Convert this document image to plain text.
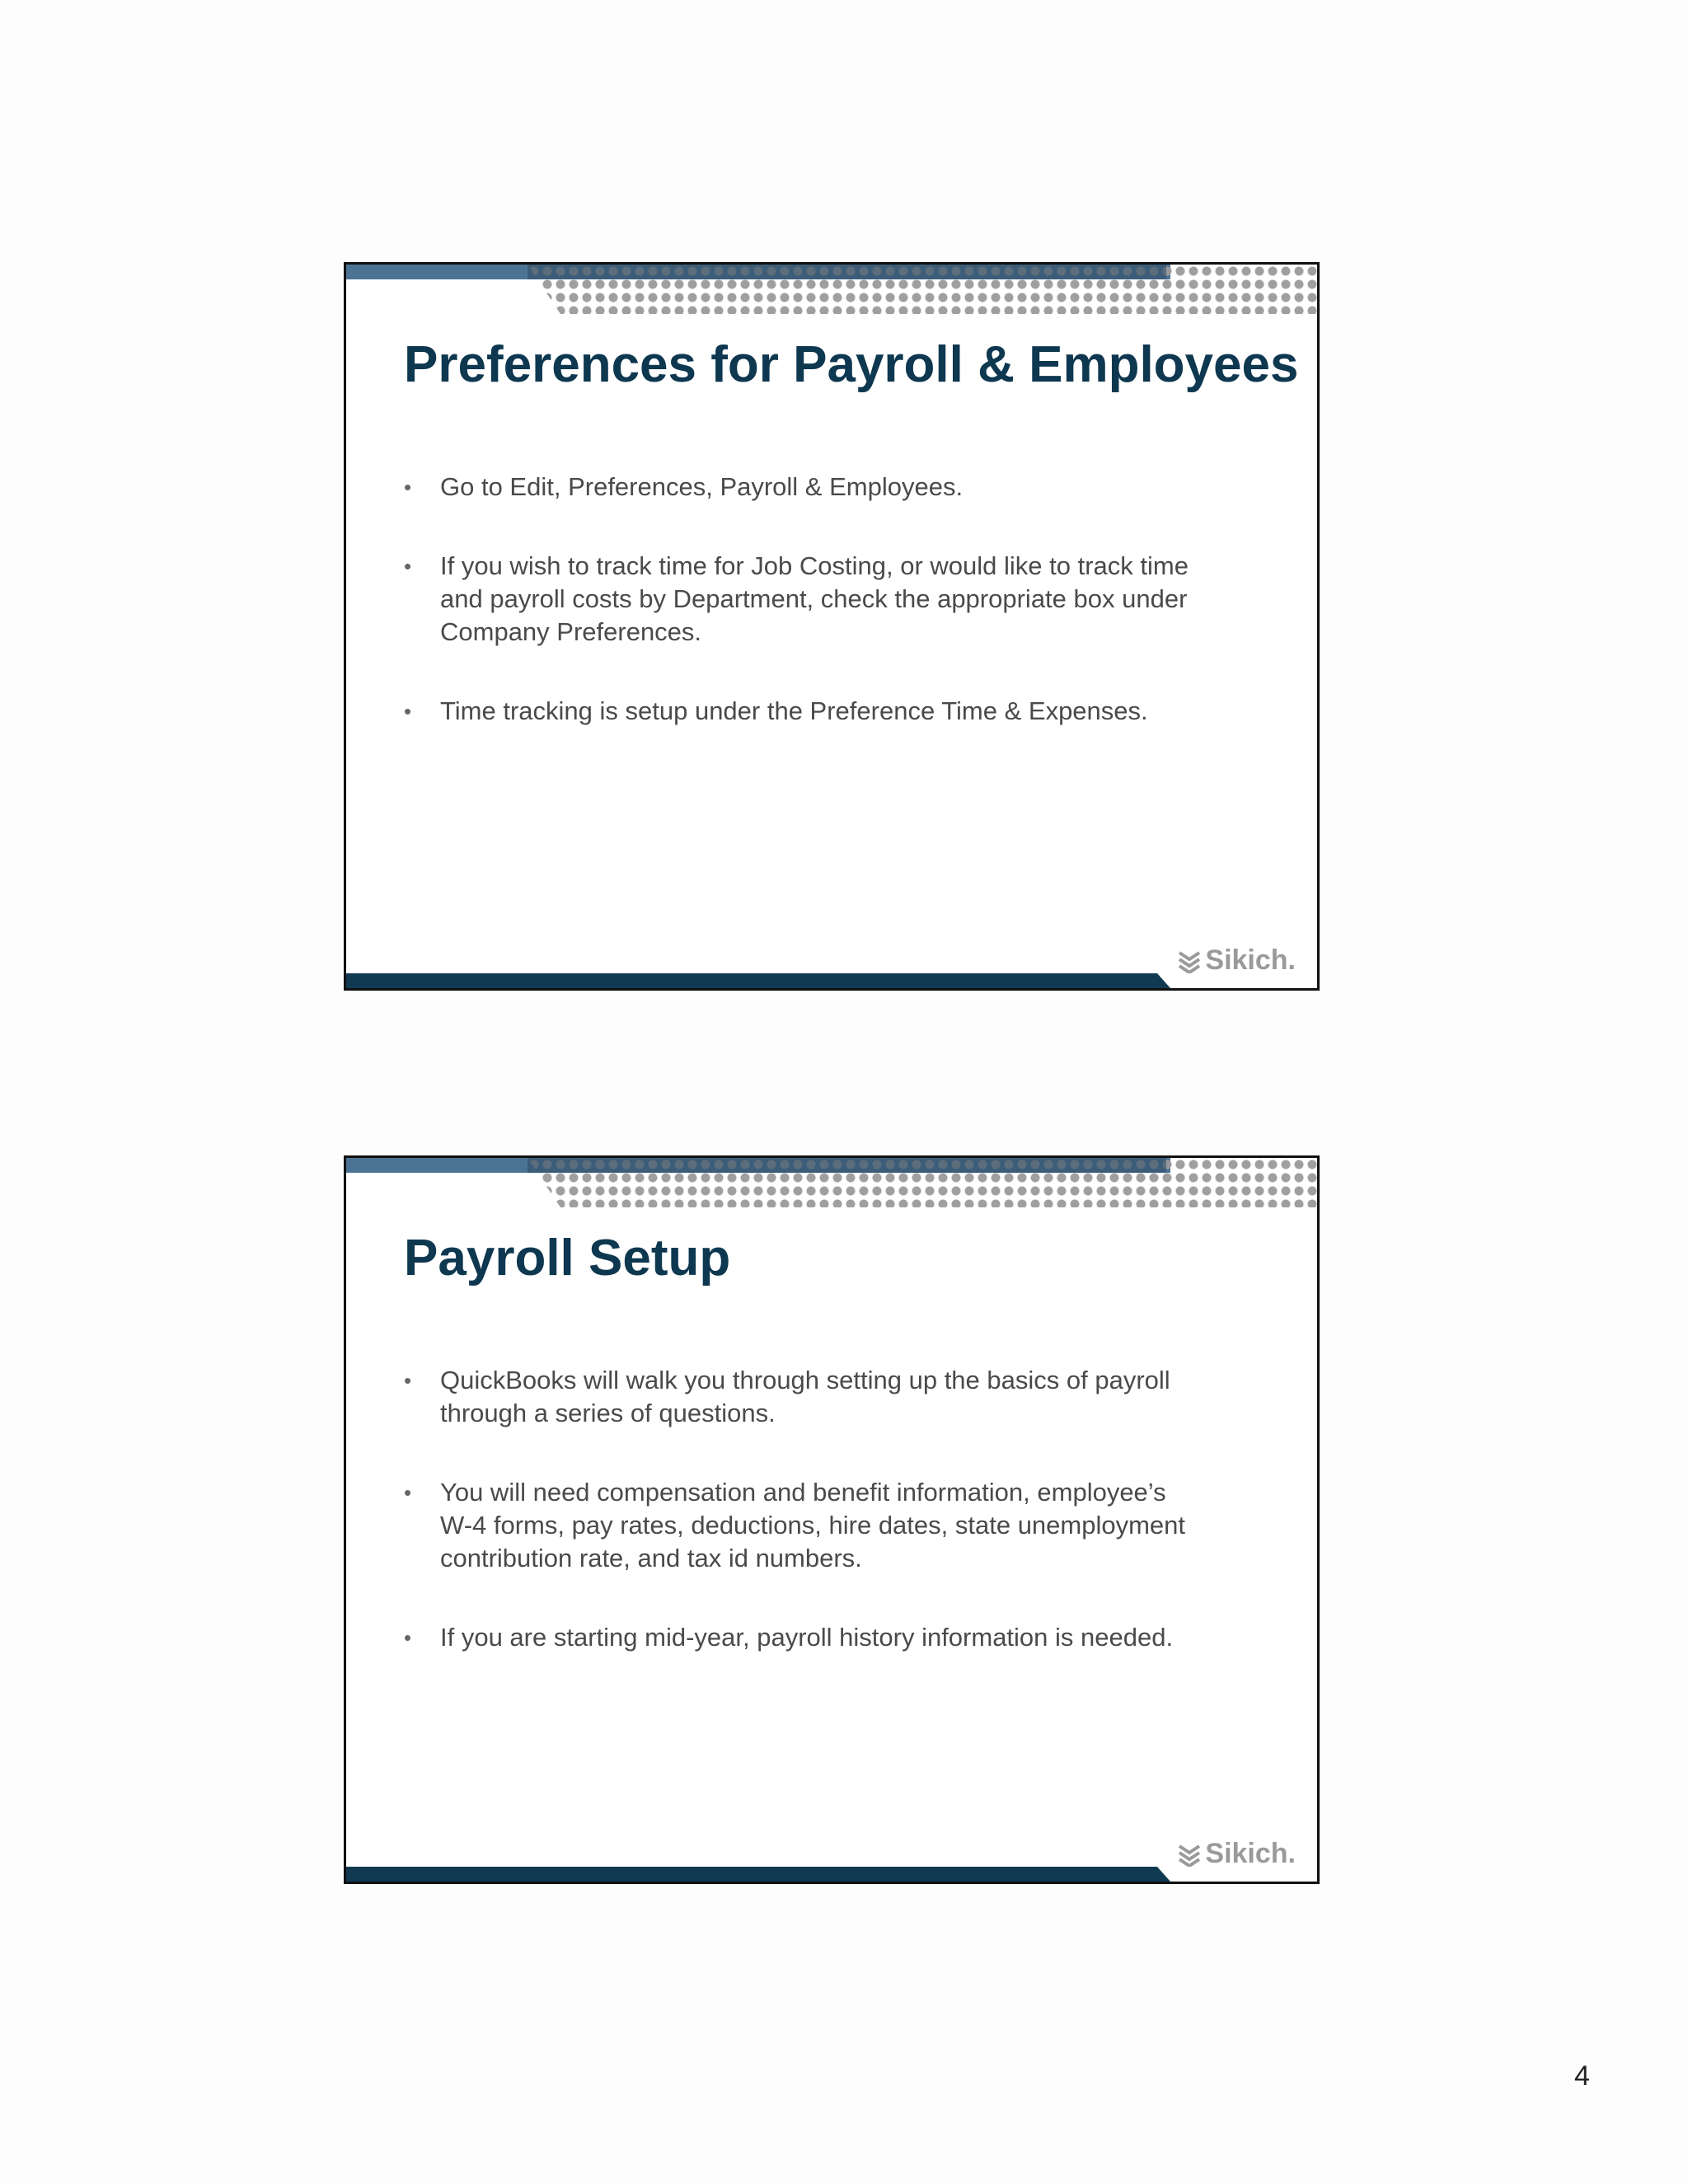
Preferences for Payroll & Employees
• Go to Edit, Preferences, Payroll & Employees.
• If you wish to track time for Job Costing, or would like to track time
and payroll costs by Department, check the appropriate box under
Company Preferences.
• Time tracking is setup under the Preference Time & Expenses.
Sikich.
Payroll Setup
• QuickBooks will walk you through setting up the basics of payroll
through a series of questions.
• You will need compensation and benefit information, employee’s
W-4 forms, pay rates, deductions, hire dates, state unemployment
contribution rate, and tax id numbers.
• If you are starting mid-year, payroll history information is needed.
Sikich.
4
